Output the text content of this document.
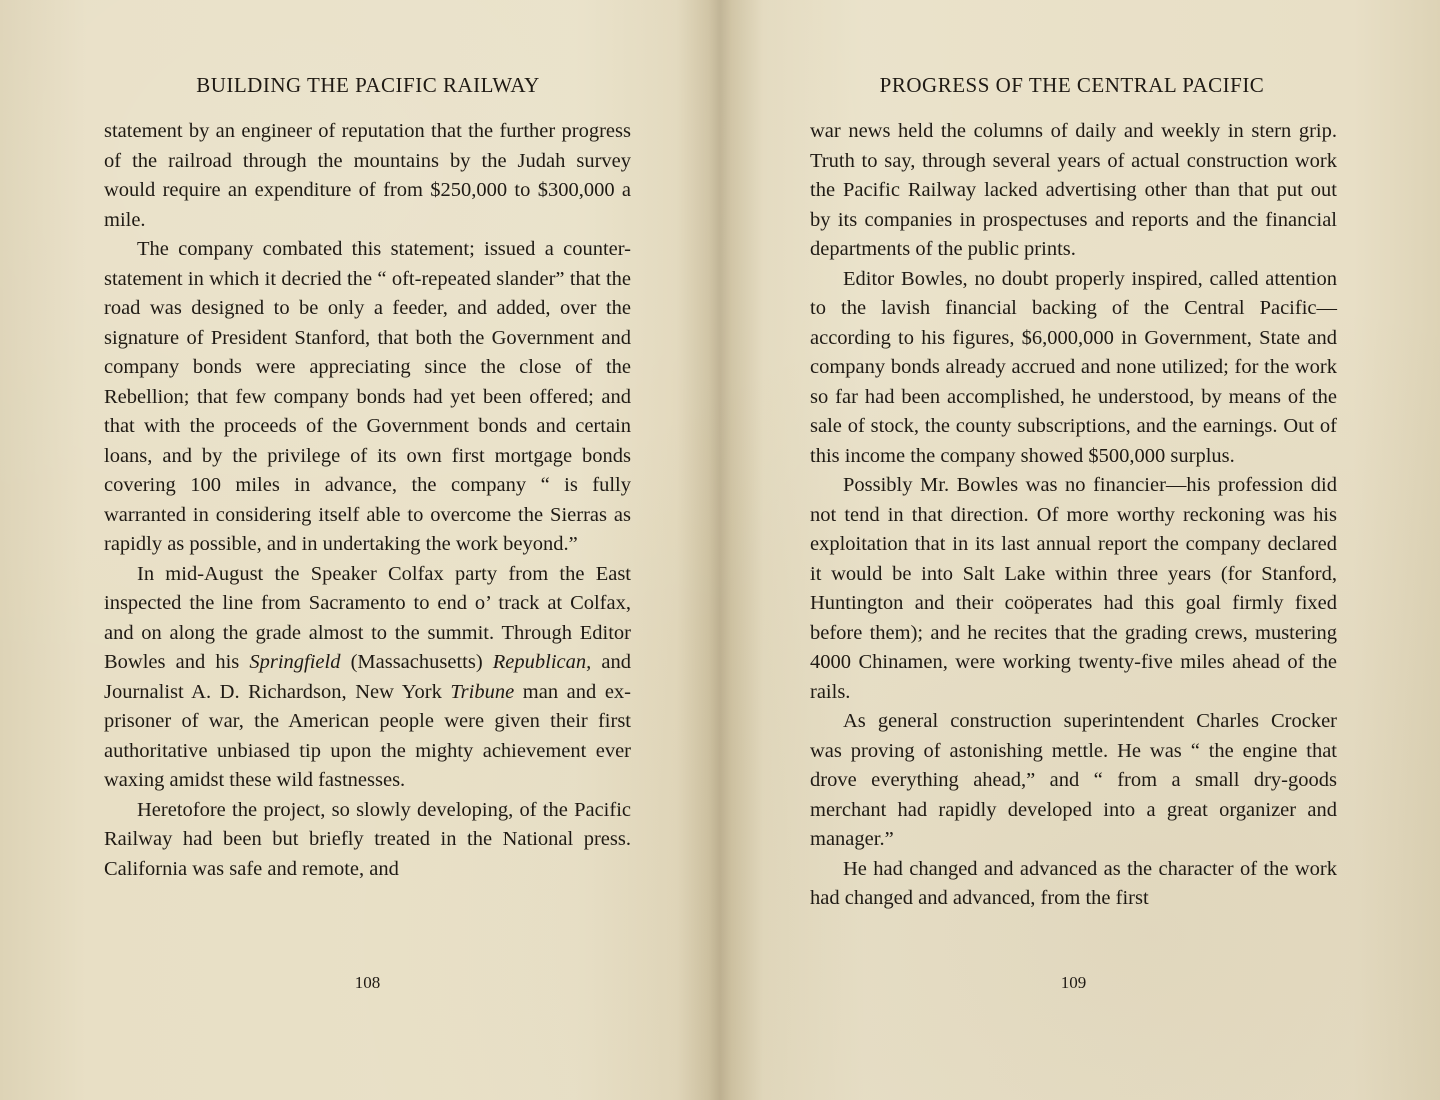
BUILDING THE PACIFIC RAILWAY

statement by an engineer of reputation that the further progress of the railroad through the mountains by the Judah survey would require an expenditure of from $250,000 to $300,000 a mile.

The company combated this statement; issued a counter-statement in which it decried the “ oft-repeated slander” that the road was designed to be only a feeder, and added, over the signature of President Stanford, that both the Government and company bonds were appreciating since the close of the Rebellion; that few company bonds had yet been offered; and that with the proceeds of the Government bonds and certain loans, and by the privilege of its own first mortgage bonds covering 100 miles in advance, the company “ is fully warranted in considering itself able to overcome the Sierras as rapidly as possible, and in undertaking the work beyond.”

In mid-August the Speaker Colfax party from the East inspected the line from Sacramento to end o’ track at Colfax, and on along the grade almost to the summit. Through Editor Bowles and his Springfield (Massachusetts) Republican, and Journalist A. D. Richardson, New York Tribune man and ex-prisoner of war, the American people were given their first authoritative unbiased tip upon the mighty achievement ever waxing amidst these wild fastnesses.

Heretofore the project, so slowly developing, of the Pacific Railway had been but briefly treated in the National press. California was safe and remote, and

108
PROGRESS OF THE CENTRAL PACIFIC

war news held the columns of daily and weekly in stern grip. Truth to say, through several years of actual construction work the Pacific Railway lacked advertising other than that put out by its companies in prospectuses and reports and the financial departments of the public prints.

Editor Bowles, no doubt properly inspired, called attention to the lavish financial backing of the Central Pacific—according to his figures, $6,000,000 in Government, State and company bonds already accrued and none utilized; for the work so far had been accomplished, he understood, by means of the sale of stock, the county subscriptions, and the earnings. Out of this income the company showed $500,000 surplus.

Possibly Mr. Bowles was no financier—his profession did not tend in that direction. Of more worthy reckoning was his exploitation that in its last annual report the company declared it would be into Salt Lake within three years (for Stanford, Huntington and their coöperates had this goal firmly fixed before them); and he recites that the grading crews, mustering 4000 Chinamen, were working twenty-five miles ahead of the rails.

As general construction superintendent Charles Crocker was proving of astonishing mettle. He was “ the engine that drove everything ahead,” and “ from a small dry-goods merchant had rapidly developed into a great organizer and manager.”

He had changed and advanced as the character of the work had changed and advanced, from the first

109
